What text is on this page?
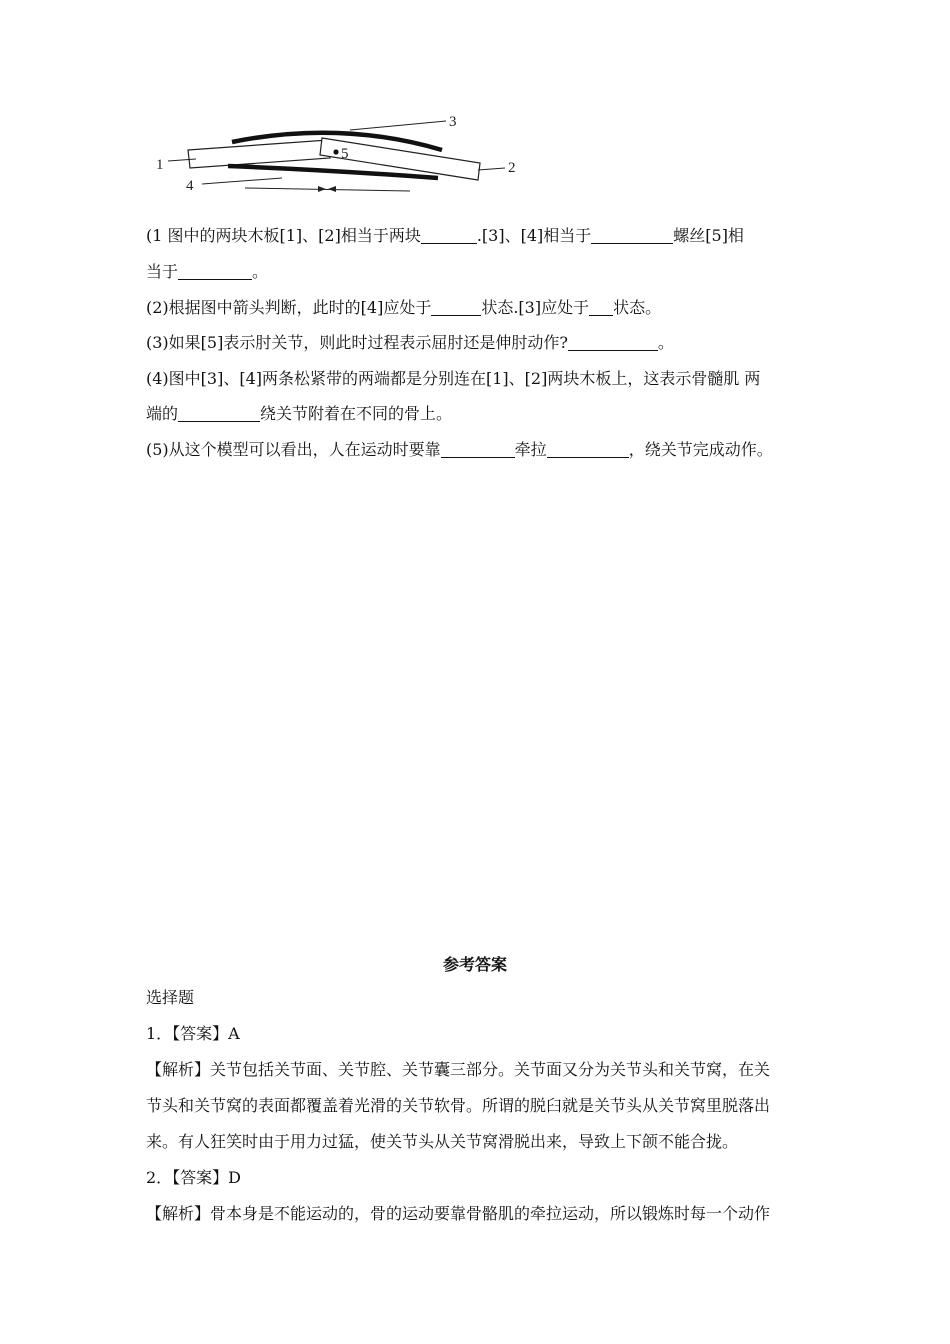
1	2
3
4
5
(1 图中的两块木板[1]、[2]相当于两块	.[3]、[4]相当于	螺丝[5]相
当于	。
(2)根据图中箭头判断，此时的[4]应处于	状态.[3]应处于 状态。
(3)如果[5]表示肘关节，则此时过程表示屈肘还是伸肘动作?	。
(4)图中[3]、[4]两条松紧带的两端都是分别连在[1]、[2]两块木板上，这表示骨髓肌 两
端的	绕关节附着在不同的骨上。
(5)从这个模型可以看出，人在运动时要靠	牵拉	，绕关节完成动作。
参考答案
选择题
1．【答案】A
【解析】关节包括关节面、关节腔、关节囊三部分。关节面又分为关节头和关节窝，在关
节头和关节窝的表面都覆盖着光滑的关节软骨。所谓的脱臼就是关节头从关节窝里脱落出
来。有人狂笑时由于用力过猛，使关节头从关节窝滑脱出来，导致上下颌不能合拢。
2．【答案】D
【解析】骨本身是不能运动的，骨的运动要靠骨骼肌的牵拉运动，所以锻炼时每一个动作
